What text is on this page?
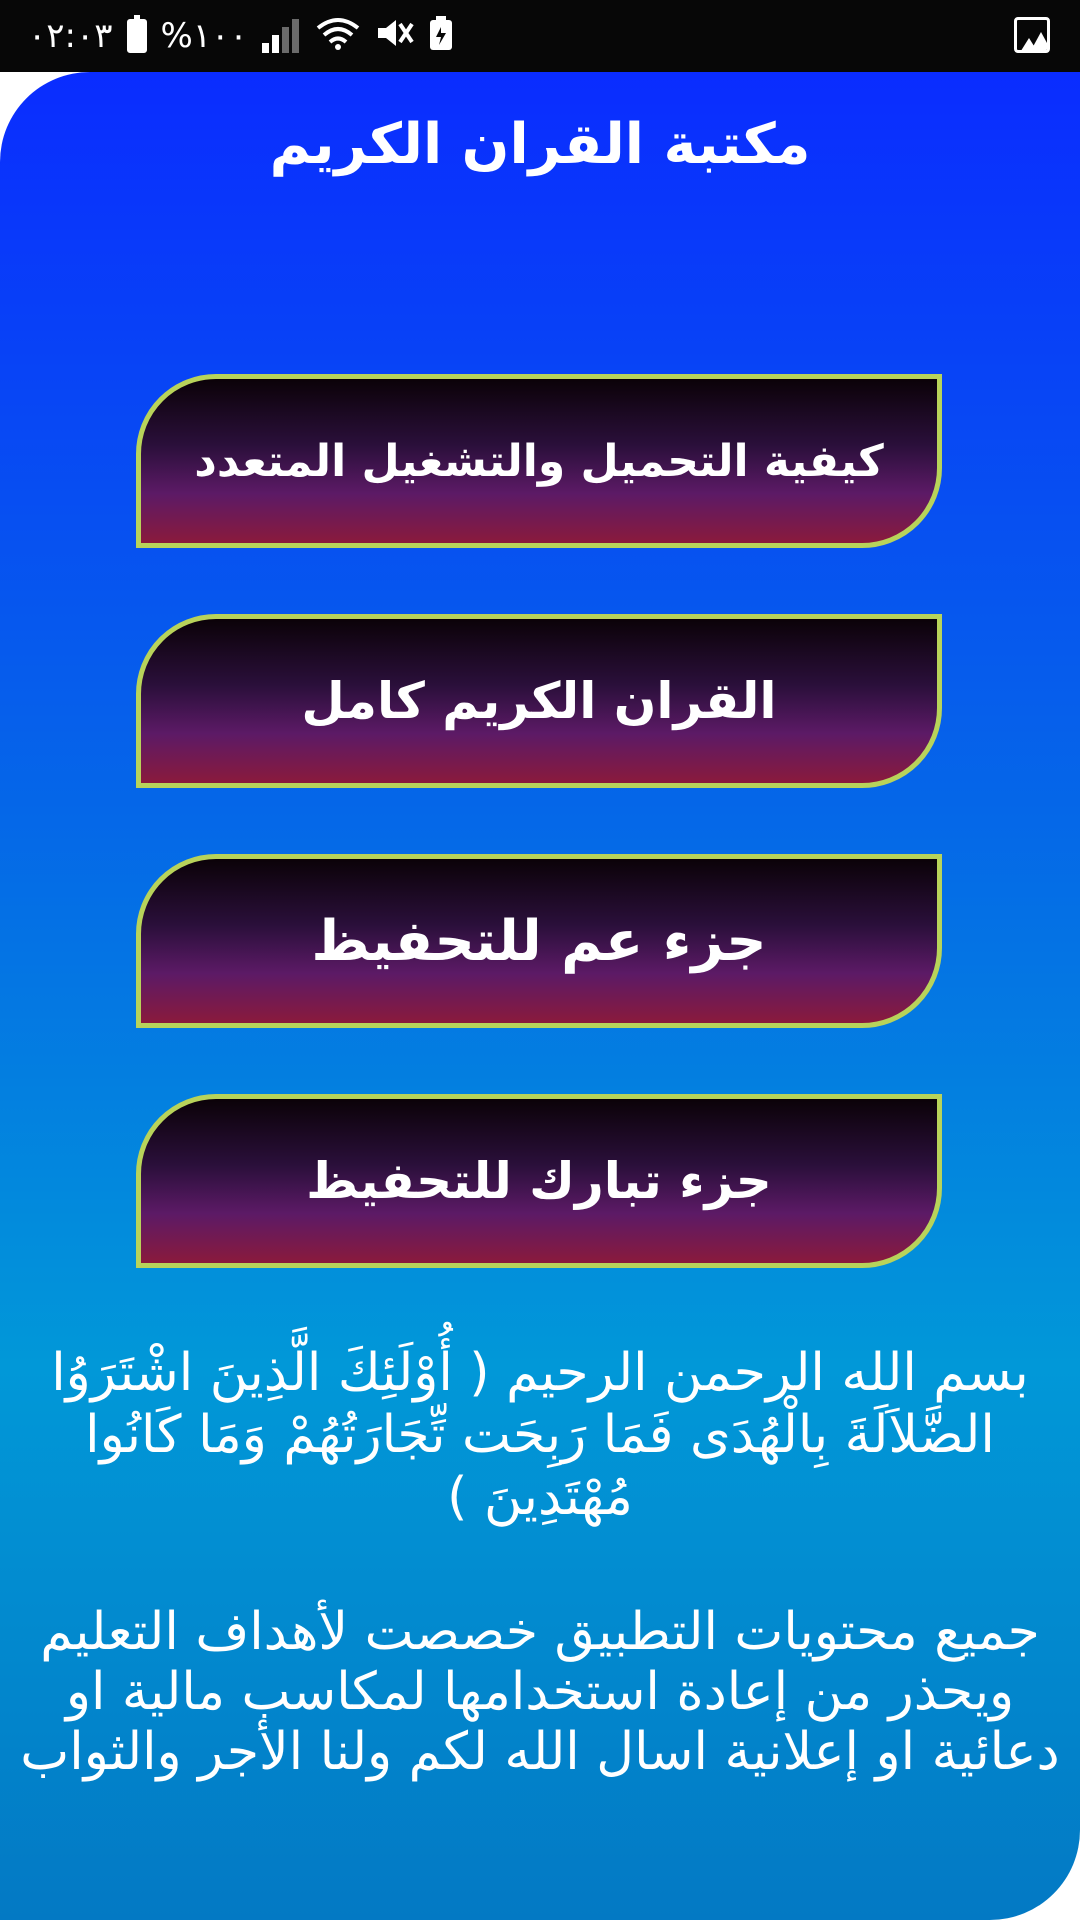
٠٢:٠٣ %١٠٠
مكتبة القران الكريم
كيفية التحميل والتشغيل المتعدد
القران الكريم كامل
جزء عم للتحفيظ
جزء تبارك للتحفيظ
بسم الله الرحمن الرحيم ( أُوْلَئِكَ الَّذِينَ اشْتَرَوُا الضَّلاَلَةَ بِالْهُدَى فَمَا رَبِحَت تِّجَارَتُهُمْ وَمَا كَانُوا مُهْتَدِينَ )
جميع محتويات التطبيق خصصت لأهداف التعليم ويحذر من إعادة استخدامها لمكاسب مالية او دعائية او إعلانية اسال الله لكم ولنا الأجر والثواب
